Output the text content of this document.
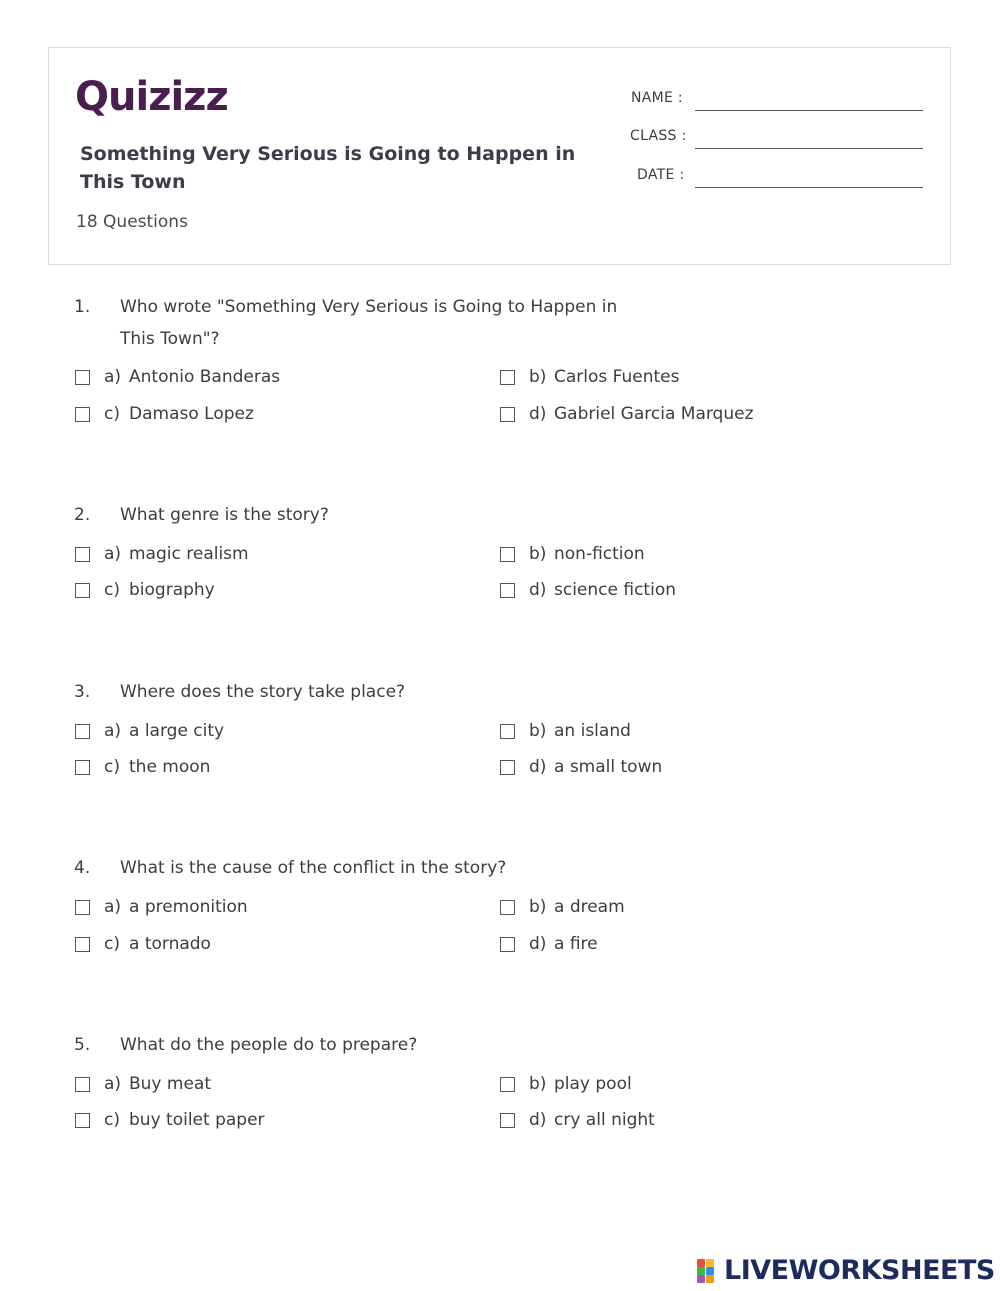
Quizizz
Something Very Serious is Going to Happen in This Town
18 Questions
NAME :
CLASS :
DATE :
1. Who wrote "Something Very Serious is Going to Happen in This Town"?
a) Antonio Banderas	b) Carlos Fuentes
c) Damaso Lopez	d) Gabriel Garcia Marquez
2. What genre is the story?
a) magic realism	b) non-fiction
c) biography	d) science fiction
3. Where does the story take place?
a) a large city	b) an island
c) the moon	d) a small town
4. What is the cause of the conflict in the story?
a) a premonition	b) a dream
c) a tornado	d) a fire
5. What do the people do to prepare?
a) Buy meat	b) play pool
c) buy toilet paper	d) cry all night
LIVEWORKSHEETS
